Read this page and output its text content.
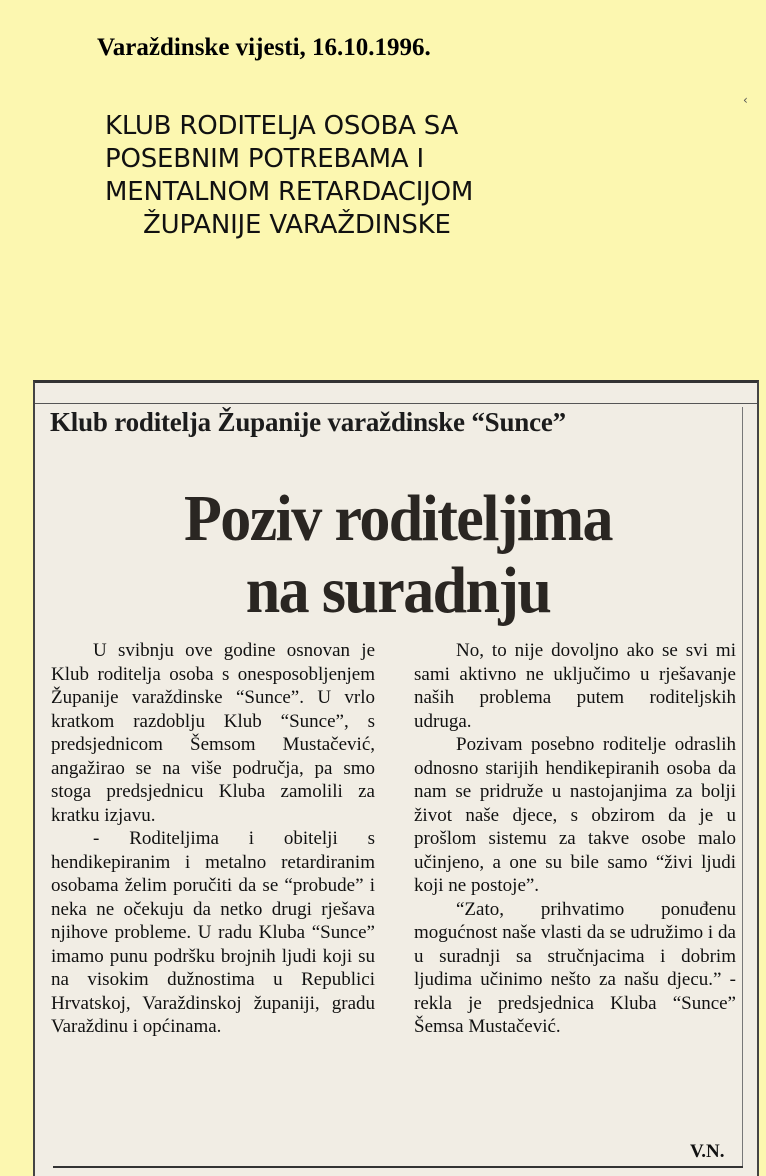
Varaždinske vijesti, 16.10.1996.
‹
KLUB RODITELJA OSOBA SA
POSEBNIM POTREBAMA I
MENTALNOM RETARDACIJOM
ŽUPANIJE VARAŽDINSKE
Klub roditelja Županije varaždinske “Sunce”
Poziv roditeljima
na suradnju

U svibnju ove godine osnovan je Klub roditelja osoba s onesposobljenjem Županije varaždinske “Sunce”. U vrlo kratkom razdoblju Klub “Sunce”, s predsjednicom Šemsom Mustačević, angažirao se na više područja, pa smo stoga predsjednicu Kluba zamolili za kratku izjavu.

- Roditeljima i obitelji s hendikepiranim i metalno retardiranim osobama želim poručiti da se “probude” i neka ne očekuju da netko drugi rješava njihove probleme. U radu Kluba “Sunce” imamo punu podršku brojnih ljudi koji su na visokim dužnostima u Republici Hrvatskoj, Varaždinskoj županiji, gradu Varaždinu i općinama.

No, to nije dovoljno ako se svi mi sami aktivno ne uključimo u rješavanje naših problema putem roditeljskih udruga.

Pozivam posebno roditelje odraslih odnosno starijih hendikepiranih osoba da nam se pridruže u nastojanjima za bolji život naše djece, s obzirom da je u prošlom sistemu za takve osobe malo učinjeno, a one su bile samo “živi ljudi koji ne postoje”.

“Zato, prihvatimo ponuđenu mogućnost naše vlasti da se udružimo i da u suradnji sa stručnjacima i dobrim ljudima učinimo nešto za našu djecu.” - rekla je predsjednica Kluba “Sunce” Šemsa Mustačević.

V.N.
